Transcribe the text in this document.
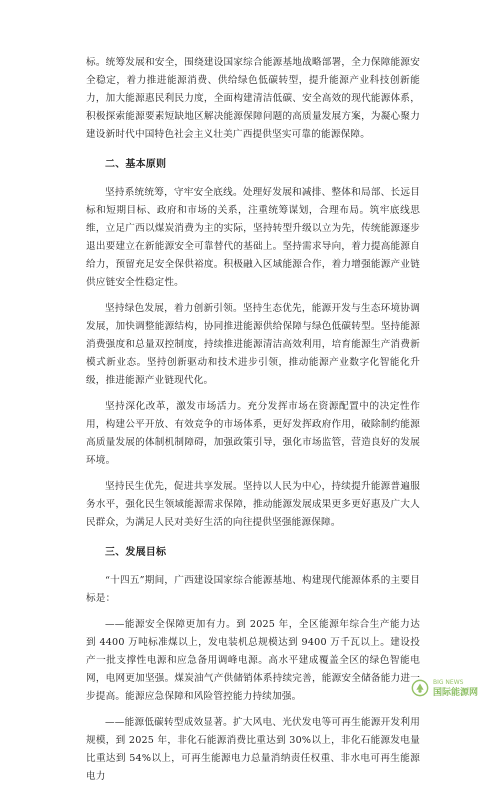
标。统筹发展和安全，围绕建设国家综合能源基地战略部署，全力保障能源安全稳定，着力推进能源消费、供给绿色低碳转型，提升能源产业科技创新能力，加大能源惠民利民力度，全面构建清洁低碳、安全高效的现代能源体系，积极探索能源要素短缺地区解决能源保障问题的高质量发展方案，为凝心聚力建设新时代中国特色社会主义壮美广西提供坚实可靠的能源保障。

二、基本原则

坚持系统统筹，守牢安全底线。处理好发展和减排、整体和局部、长远目标和短期目标、政府和市场的关系，注重统筹谋划，合理布局。筑牢底线思维，立足广西以煤炭消费为主的实际，坚持转型升级以立为先，传统能源逐步退出要建立在新能源安全可靠替代的基础上。坚持需求导向，着力提高能源自给力，预留充足安全保供裕度。积极融入区域能源合作，着力增强能源产业链供应链安全性稳定性。

坚持绿色发展，着力创新引领。坚持生态优先，能源开发与生态环境协调发展，加快调整能源结构，协同推进能源供给保障与绿色低碳转型。坚持能源消费强度和总量双控制度，持续推进能源清洁高效利用，培育能源生产消费新模式新业态。坚持创新驱动和技术进步引领，推动能源产业数字化智能化升级，推进能源产业链现代化。

坚持深化改革，激发市场活力。充分发挥市场在资源配置中的决定性作用，构建公平开放、有效竞争的市场体系，更好发挥政府作用，破除制约能源高质量发展的体制机制障碍，加强政策引导，强化市场监管，营造良好的发展环境。

坚持民生优先，促进共享发展。坚持以人民为中心，持续提升能源普遍服务水平，强化民生领域能源需求保障，推动能源发展成果更多更好惠及广大人民群众，为满足人民对美好生活的向往提供坚强能源保障。

三、发展目标

“十四五”期间，广西建设国家综合能源基地、构建现代能源体系的主要目标是：

——能源安全保障更加有力。到 2025 年，全区能源年综合生产能力达到 4400 万吨标准煤以上，发电装机总规模达到 9400 万千瓦以上。建设投产一批支撑性电源和应急备用调峰电源。高水平建成覆盖全区的绿色智能电网，电网更加坚强。煤炭油气产供储销体系持续完善，能源安全储备能力进一步提高。能源应急保障和风险管控能力持续加强。

——能源低碳转型成效显著。扩大风电、光伏发电等可再生能源开发利用规模，到 2025 年，非化石能源消费比重达到 30%以上，非化石能源发电量比重达到 54%以上，可再生能源电力总量消纳责任权重、非水电可再生能源电力

BIG NEWS
国际能源网
